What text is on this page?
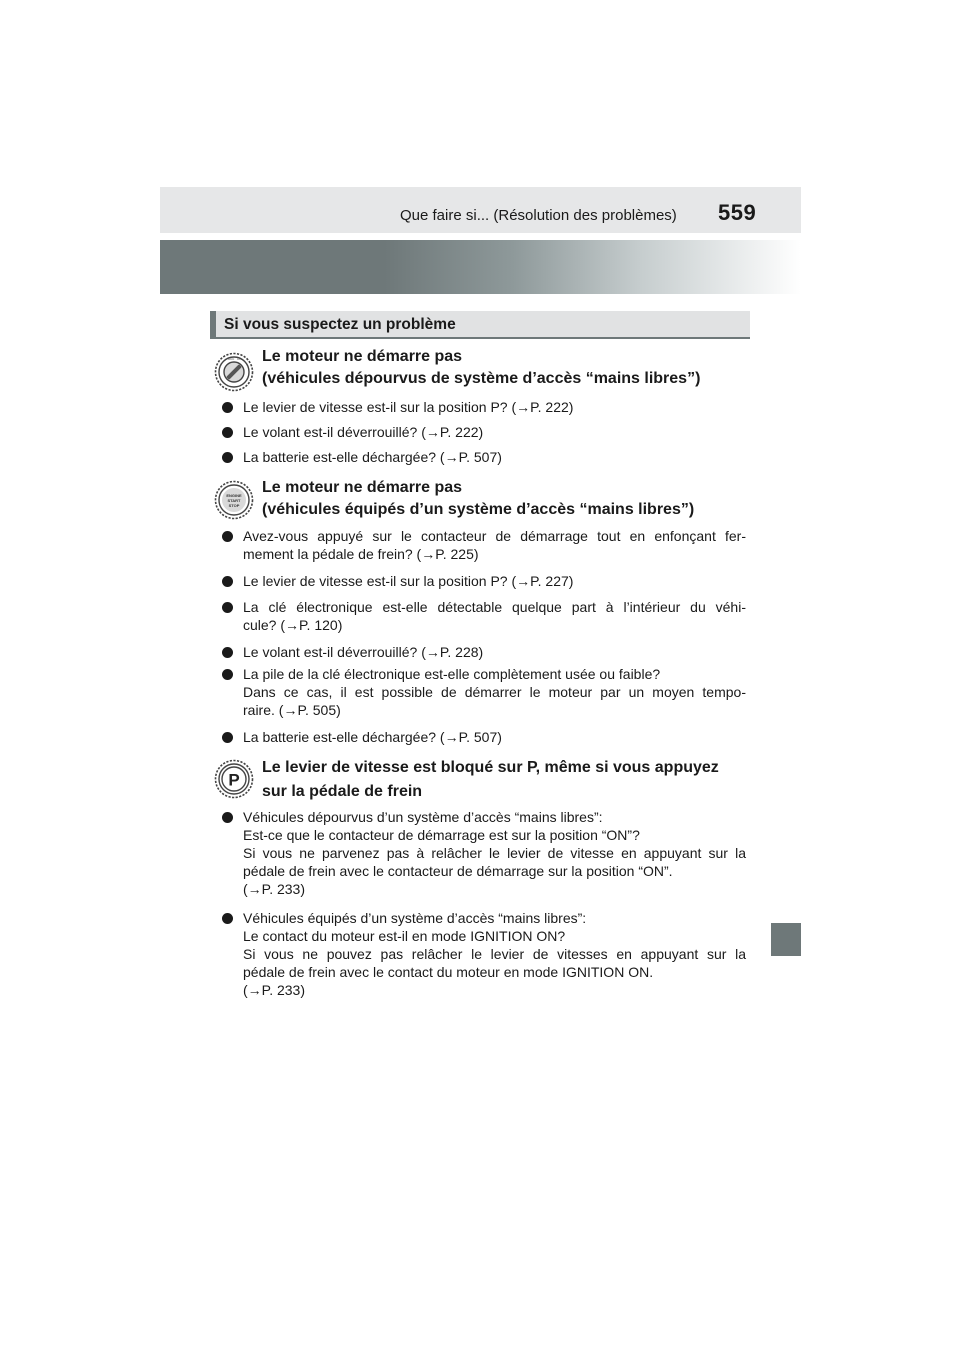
Que faire si... (Résolution des problèmes) 559
Si vous suspectez un problème
ACC ON Le moteur ne démarre pas
(véhicules dépourvus de système d’accès “mains libres”)
Le levier de vitesse est-il sur la position P? (→P. 222)
Le volant est-il déverrouillé? (→P. 222)
La batterie est-elle déchargée? (→P. 507)
ENGINE
START
STOP
Le moteur ne démarre pas
(véhicules équipés d’un système d’accès “mains libres”)
Avez-vous appuyé sur le contacteur de démarrage tout en enfonçant fer-
mement la pédale de frein? (→P. 225)
Le levier de vitesse est-il sur la position P? (→P. 227)
La clé électronique est-elle détectable quelque part à l’intérieur du véhi-
cule? (→P. 120)
Le volant est-il déverrouillé? (→P. 228)
La pile de la clé électronique est-elle complètement usée ou faible?
Dans ce cas, il est possible de démarrer le moteur par un moyen tempo-
raire. (→P. 505)
La batterie est-elle déchargée? (→P. 507)
P
Le levier de vitesse est bloqué sur P, même si vous appuyez
sur la pédale de frein
Véhicules dépourvus d’un système d’accès “mains libres”:
Est-ce que le contacteur de démarrage est sur la position “ON”?
Si vous ne parvenez pas à relâcher le levier de vitesse en appuyant sur la
pédale de frein avec le contacteur de démarrage sur la position “ON”.
(→P. 233)
Véhicules équipés d’un système d’accès “mains libres”:
Le contact du moteur est-il en mode IGNITION ON?
Si vous ne pouvez pas relâcher le levier de vitesses en appuyant sur la
pédale de frein avec le contact du moteur en mode IGNITION ON.
(→P. 233)
